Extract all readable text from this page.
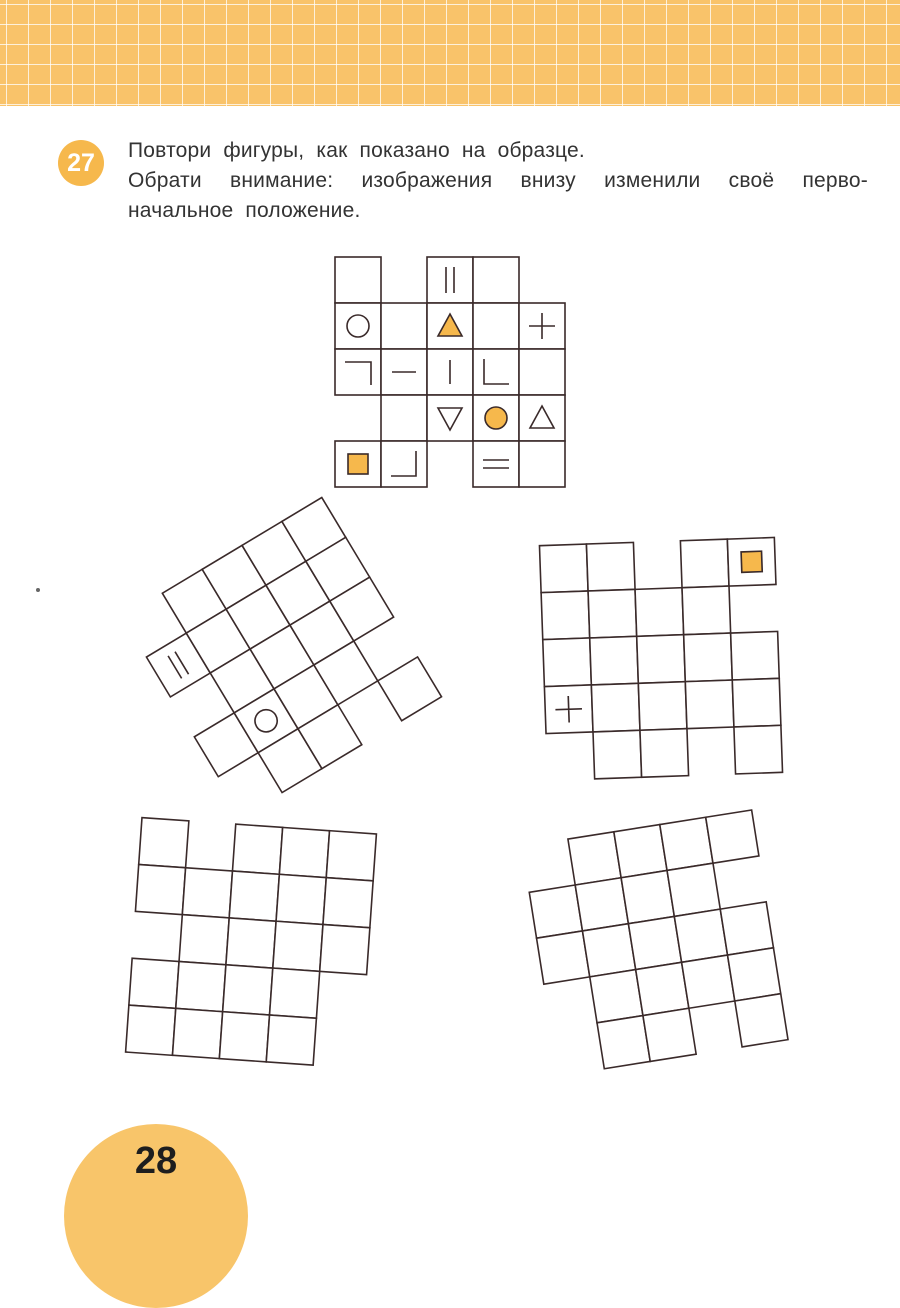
27	Повтори фигуры, как показано на образце.
Обрати внимание: изображения внизу изменили своё перво-
начальное положение.
28
